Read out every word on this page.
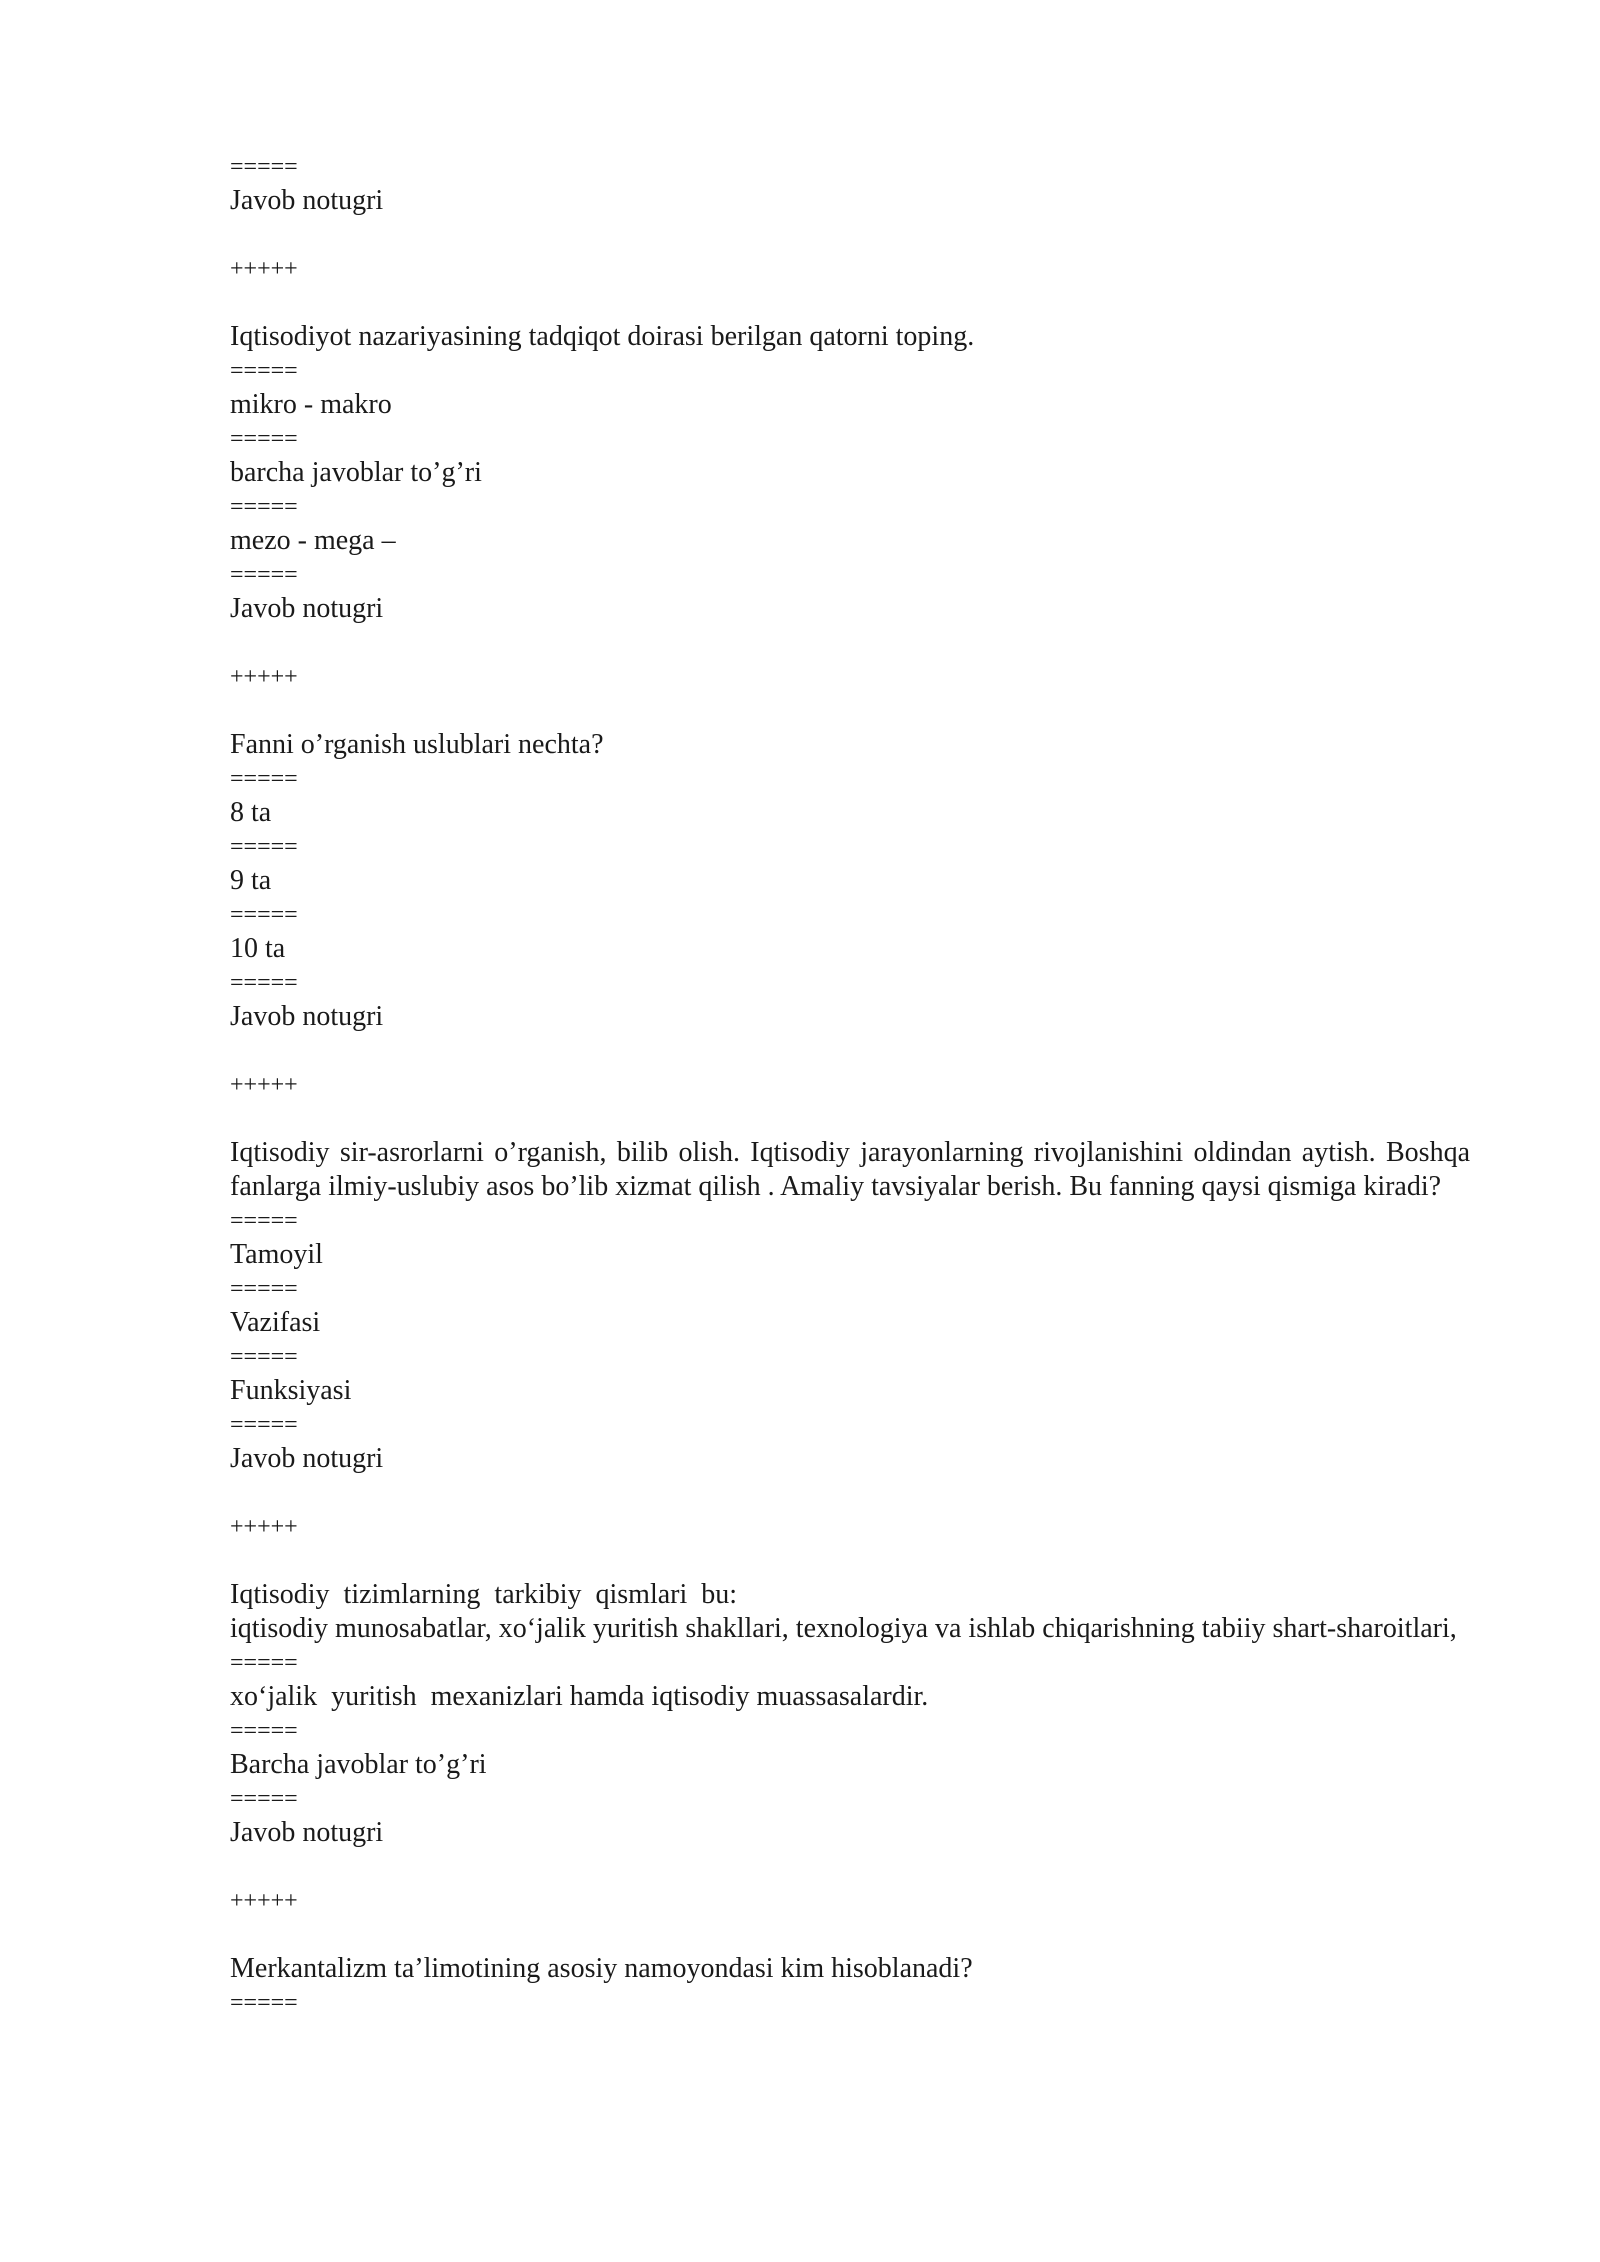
=====
Javob notugri
+++++
Iqtisodiyot nazariyasining tadqiqot doirasi berilgan qatorni toping.
=====
mikro - makro
=====
barcha javoblar to’g’ri
=====
mezo - mega –
=====
Javob notugri
+++++
Fanni o’rganish uslublari nechta?
=====
8 ta
=====
9 ta
=====
10 ta
=====
Javob notugri
+++++
Iqtisodiy sir-asrorlarni o’rganish, bilib olish. Iqtisodiy jarayonlarning rivojlanishini oldindan aytish. Boshqa fanlarga ilmiy-uslubiy asos bo’lib xizmat qilish . Amaliy tavsiyalar berish. Bu fanning qaysi qismiga kiradi?
=====
Tamoyil
=====
Vazifasi
=====
Funksiyasi
=====
Javob notugri
+++++
Iqtisodiy  tizimlarning  tarkibiy  qismlari  bu:
iqtisodiy munosabatlar, xo‘jalik yuritish shakllari, texnologiya va ishlab chiqarishning tabiiy shart-sharoitlari,
=====
xo‘jalik  yuritish  mexanizlari hamda iqtisodiy muassasalardir.
=====
Barcha javoblar to’g’ri
=====
Javob notugri
+++++
Merkantalizm ta’limotining asosiy namoyondasi kim hisoblanadi?
=====
